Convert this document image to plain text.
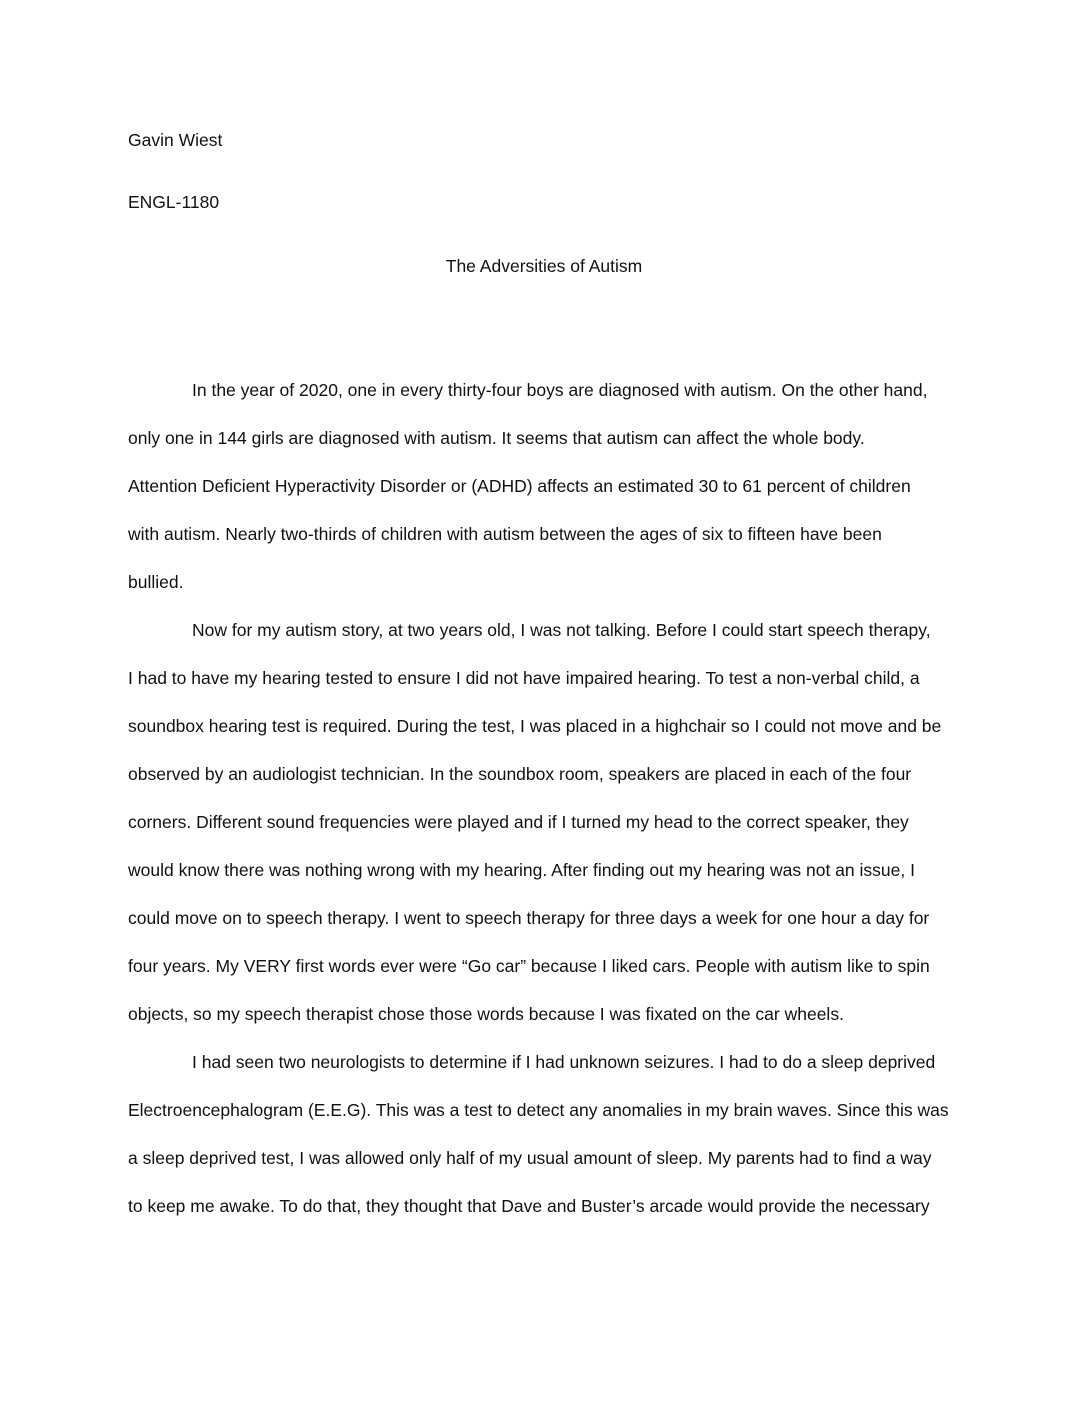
Gavin Wiest
ENGL-1180
The Adversities of Autism
In the year of 2020, one in every thirty-four boys are diagnosed with autism. On the other hand,
only one in 144 girls are diagnosed with autism. It seems that autism can affect the whole body.
Attention Deficient Hyperactivity Disorder or (ADHD) affects an estimated 30 to 61 percent of children
with autism. Nearly two-thirds of children with autism between the ages of six to fifteen have been
bullied.
Now for my autism story, at two years old, I was not talking. Before I could start speech therapy,
I had to have my hearing tested to ensure I did not have impaired hearing. To test a non-verbal child, a
soundbox hearing test is required. During the test, I was placed in a highchair so I could not move and be
observed by an audiologist technician. In the soundbox room, speakers are placed in each of the four
corners. Different sound frequencies were played and if I turned my head to the correct speaker, they
would know there was nothing wrong with my hearing. After finding out my hearing was not an issue, I
could move on to speech therapy. I went to speech therapy for three days a week for one hour a day for
four years. My VERY first words ever were “Go car” because I liked cars. People with autism like to spin
objects, so my speech therapist chose those words because I was fixated on the car wheels.
I had seen two neurologists to determine if I had unknown seizures. I had to do a sleep deprived
Electroencephalogram (E.E.G). This was a test to detect any anomalies in my brain waves. Since this was
a sleep deprived test, I was allowed only half of my usual amount of sleep. My parents had to find a way
to keep me awake. To do that, they thought that Dave and Buster’s arcade would provide the necessary
